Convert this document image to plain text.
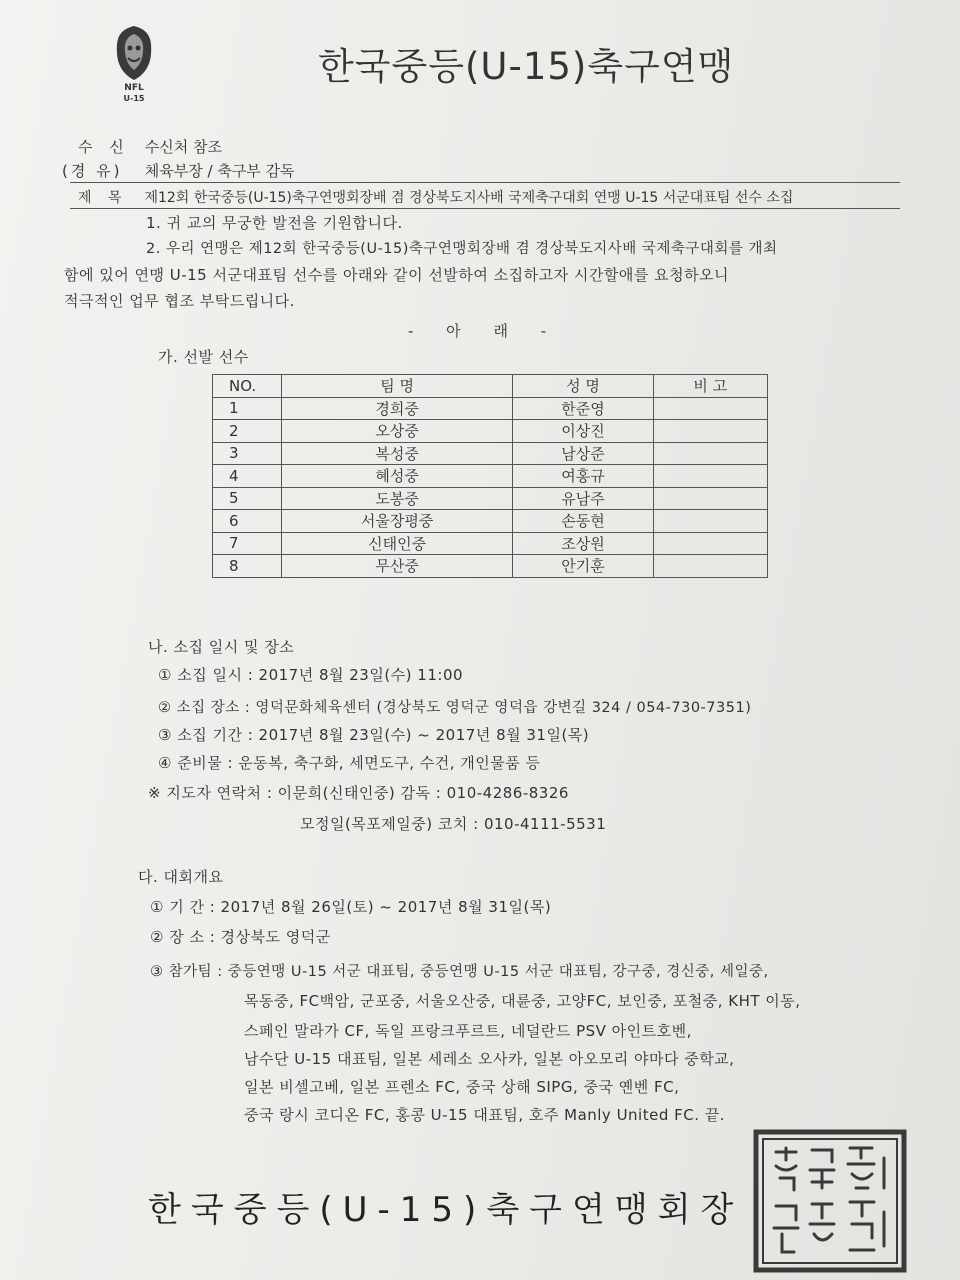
NFL
U-15
한국중등(U-15)축구연맹
수 신 수신처 참조
(경 유) 체육부장 / 축구부 감독
제 목 제12회 한국중등(U-15)축구연맹회장배 겸 경상북도지사배 국제축구대회 연맹 U-15 서군대표팀 선수 소집
1. 귀 교의 무궁한 발전을 기원합니다.
2. 우리 연맹은 제12회 한국중등(U-15)축구연맹회장배 겸 경상북도지사배 국제축구대회를 개최
함에 있어 연맹 U-15 서군대표팀 선수를 아래와 같이 선발하여 소집하고자 시간할애를 요청하오니
적극적인 업무 협조 부탁드립니다.
- 아 래 -
가. 선발 선수
NO.	팀 명	성 명	비 고
1	경희중	한준영	
2	오상중	이상진	
3	복성중	남상준	
4	혜성중	여홍규	
5	도봉중	유남주	
6	서울장평중	손동현	
7	신태인중	조상원	
8	무산중	안기훈	
나. 소집 일시 및 장소
① 소집 일시 : 2017년 8월 23일(수) 11:00
② 소집 장소 : 영덕문화체육센터 (경상북도 영덕군 영덕읍 강변길 324 / 054-730-7351)
③ 소집 기간 : 2017년 8월 23일(수) ~ 2017년 8월 31일(목)
④ 준비물 : 운동복, 축구화, 세면도구, 수건, 개인물품 등
※ 지도자 연락처 : 이문희(신태인중) 감독 : 010-4286-8326
모정일(목포제일중) 코치 : 010-4111-5531
다. 대회개요
① 기 간 : 2017년 8월 26일(토) ~ 2017년 8월 31일(목)
② 장 소 : 경상북도 영덕군
③ 참가팀 : 중등연맹 U-15 서군 대표팀, 중등연맹 U-15 서군 대표팀, 강구중, 경신중, 세일중,
목동중, FC백암, 군포중, 서울오산중, 대륜중, 고양FC, 보인중, 포철중, KHT 이동,
스페인 말라가 CF, 독일 프랑크푸르트, 네덜란드 PSV 아인트호벤,
남수단 U-15 대표팀, 일본 세레소 오사카, 일본 아오모리 야마다 중학교,
일본 비셀고베, 일본 프렌소 FC, 중국 상해 SIPG, 중국 옌벤 FC,
중국 랑시 코디온 FC, 홍콩 U-15 대표팀, 호주 Manly United FC. 끝.
한국중등(U-15)축구연맹회장
